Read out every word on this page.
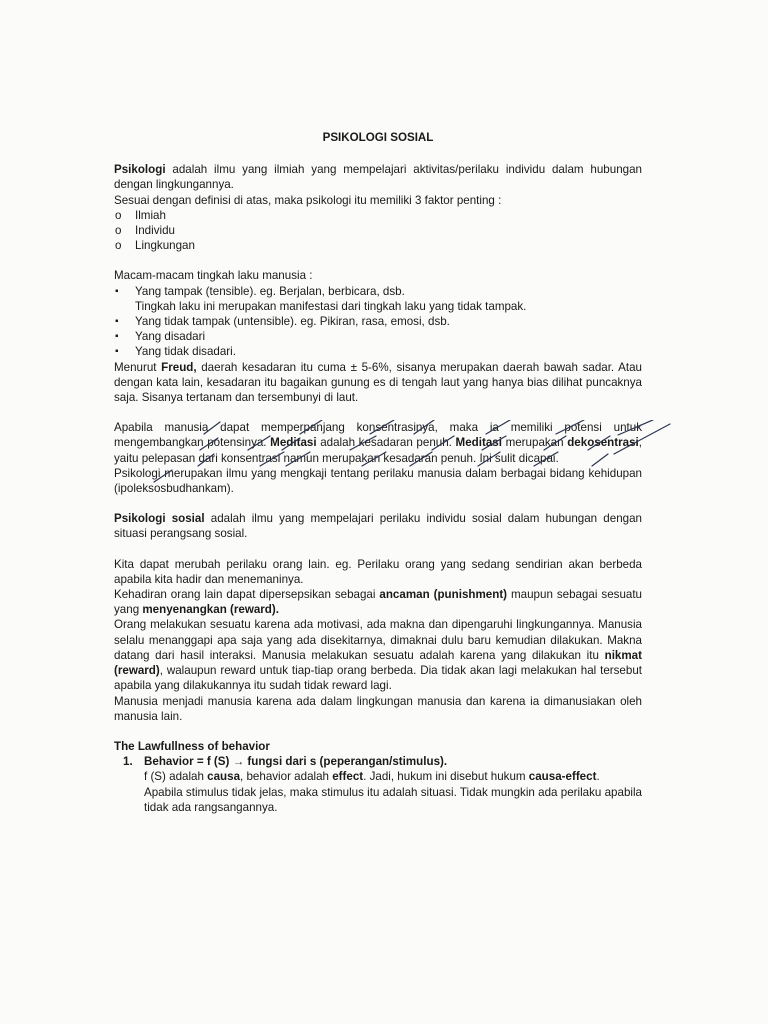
PSIKOLOGI SOSIAL

Psikologi adalah ilmu yang ilmiah yang mempelajari aktivitas/perilaku individu dalam hubungan dengan lingkungannya.

Sesuai dengan definisi di atas, maka psikologi itu memiliki 3 faktor penting :

o Ilmiah
o Individu
o Lingkungan

Macam-macam tingkah laku manusia :

▪ Yang tampak (tensible). eg. Berjalan, berbicara, dsb.
Tingkah laku ini merupakan manifestasi dari tingkah laku yang tidak tampak.
▪ Yang tidak tampak (untensible). eg. Pikiran, rasa, emosi, dsb.
▪ Yang disadari
▪ Yang tidak disadari.

Menurut Freud, daerah kesadaran itu cuma ± 5-6%, sisanya merupakan daerah bawah sadar. Atau dengan kata lain, kesadaran itu bagaikan gunung es di tengah laut yang hanya bias dilihat puncaknya saja. Sisanya tertanam dan tersembunyi di laut.

Apabila manusia dapat memperpanjang konsentrasinya, maka ia memiliki potensi untuk mengembangkan potensinya. Meditasi adalah kesadaran penuh. Meditasi merupakan dekosentrasi, yaitu pelepasan dari konsentrasi namun merupakan kesadaran penuh. Ini sulit dicapai.

Psikologi merupakan ilmu yang mengkaji tentang perilaku manusia dalam berbagai bidang kehidupan (ipoleksosbudhankam).

Psikologi sosial adalah ilmu yang mempelajari perilaku individu sosial dalam hubungan dengan situasi perangsang sosial.

Kita dapat merubah perilaku orang lain. eg. Perilaku orang yang sedang sendirian akan berbeda apabila kita hadir dan menemaninya.

Kehadiran orang lain dapat dipersepsikan sebagai ancaman (punishment) maupun sebagai sesuatu yang menyenangkan (reward).

Orang melakukan sesuatu karena ada motivasi, ada makna dan dipengaruhi lingkungannya. Manusia selalu menanggapi apa saja yang ada disekitarnya, dimaknai dulu baru kemudian dilakukan. Makna datang dari hasil interaksi. Manusia melakukan sesuatu adalah karena yang dilakukan itu nikmat (reward), walaupun reward untuk tiap-tiap orang berbeda. Dia tidak akan lagi melakukan hal tersebut apabila yang dilakukannya itu sudah tidak reward lagi.

Manusia menjadi manusia karena ada dalam lingkungan manusia dan karena ia dimanusiakan oleh manusia lain.

The Lawfullness of behavior

1. Behavior = f (S) → fungsi dari s (peperangan/stimulus).
f (S) adalah causa, behavior adalah effect. Jadi, hukum ini disebut hukum causa-effect.

Apabila stimulus tidak jelas, maka stimulus itu adalah situasi. Tidak mungkin ada perilaku apabila tidak ada rangsangannya.
